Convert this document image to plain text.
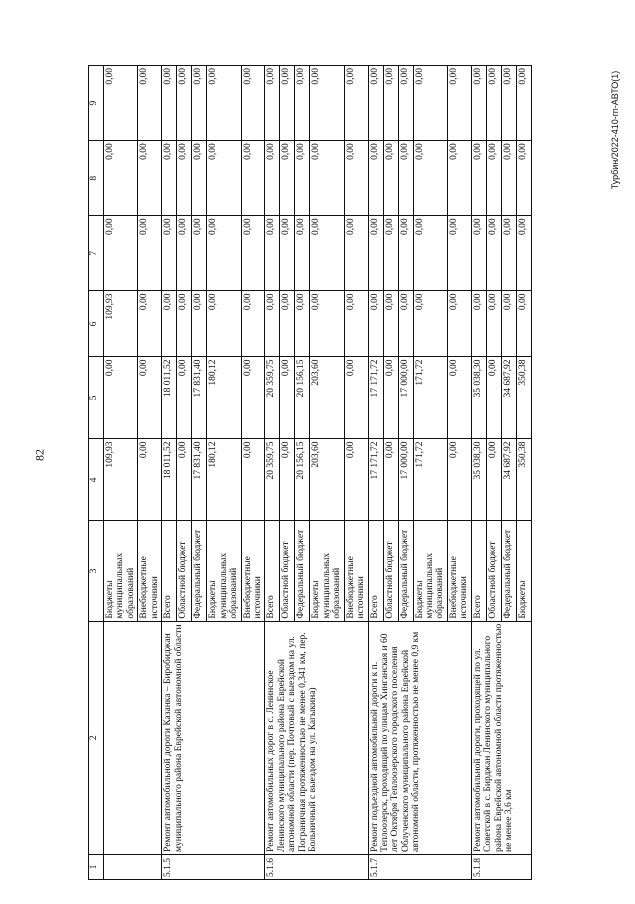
82
Турбин/2022-410-rn-АВТО(1)
1	2	3	4	5	6	7	8	9
		Бюджеты муниципальных образований	109,93	0,00	109,93	0,00	0,00	0,00
		Внебюджетные источники	0,00	0,00	0,00	0,00	0,00	0,00
5.1.5	Ремонт автомобильной дороги Казанка – Биробиджан муниципального района Еврейской автономной области	Всего	18 011,52	18 011,52	0,00	0,00	0,00	0,00
		Областной бюджет	0,00	0,00	0,00	0,00	0,00	0,00
		Федеральный бюджет	17 831,40	17 831,40	0,00	0,00	0,00	0,00
		Бюджеты муниципальных образований	180,12	180,12	0,00	0,00	0,00	0,00
		Внебюджетные источники	0,00	0,00	0,00	0,00	0,00	0,00
5.1.6	Ремонт автомобильных дорог в с. Ленинское Ленинского муниципального района Еврейской автономной области (пер. Почтовый с выездом на ул. Пограничная протяженностью не менее 0,341 км, пер. Больничный с выездом на ул. Кагыкина)	Всего	20 359,75	20 359,75	0,00	0,00	0,00	0,00
		Областной бюджет	0,00	0,00	0,00	0,00	0,00	0,00
		Федеральный бюджет	20 156,15	20 156,15	0,00	0,00	0,00	0,00
		Бюджеты муниципальных образований	203,60	203,60	0,00	0,00	0,00	0,00
		Внебюджетные источники	0,00	0,00	0,00	0,00	0,00	0,00
5.1.7	Ремонт подъездной автомобильной дороги к п. Теплоозерск, проходящий по улицам Хинганская и 60 лет Октября Теплоозерского городского поселения Облученского муниципального района Еврейской автономной области, протяженностью не менее 0,9 км	Всего	17 171,72	17 171,72	0,00	0,00	0,00	0,00
		Областной бюджет	0,00	0,00	0,00	0,00	0,00	0,00
		Федеральный бюджет	17 000,00	17 000,00	0,00	0,00	0,00	0,00
		Бюджеты муниципальных образований	171,72	171,72	0,00	0,00	0,00	0,00
		Внебюджетные источники	0,00	0,00	0,00	0,00	0,00	0,00
5.1.8	Ремонт автомобильной дороги, проходящей по ул. Советской в с. Бирджан Ленинского муниципального района Еврейской автономной области протяженностью не менее 3,6 км	Всего	35 038,30	35 038,30	0,00	0,00	0,00	0,00
		Областной бюджет	0,00	0,00	0,00	0,00	0,00	0,00
		Федеральный бюджет	34 687,92	34 687,92	0,00	0,00	0,00	0,00
		Бюджеты	350,38	350,38	0,00	0,00	0,00	0,00
